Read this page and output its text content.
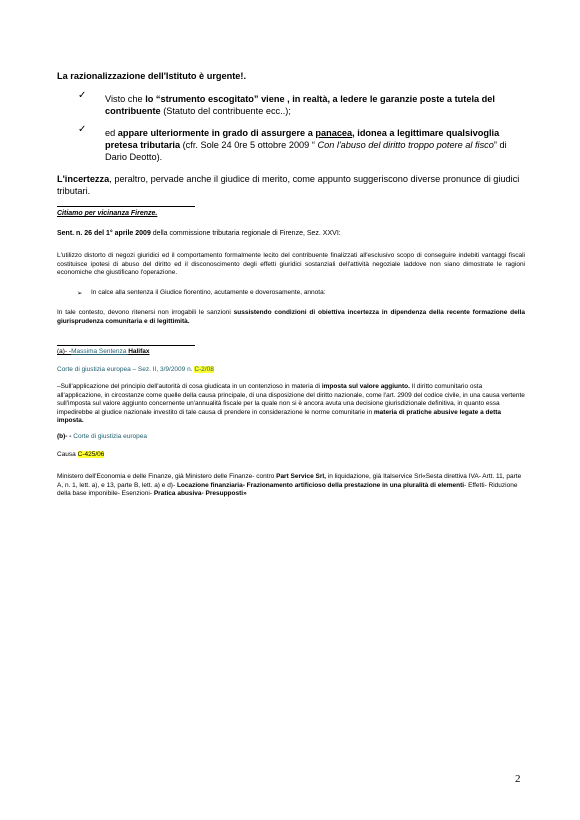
La razionalizzazione dell'Istituto è urgente!.
✓ Visto che lo “strumento escogitato” viene , in realtà, a ledere le garanzie poste a tutela del contribuente (Statuto del contribuente ecc..);
✓ ed appare ulteriormente in grado di assurgere a panacea, idonea a legittimare qualsivoglia pretesa tributaria (cfr. Sole 24 0re 5 ottobre 2009 “ Con l'abuso del diritto troppo potere al fisco” di Dario Deotto).
L'incertezza, peraltro, pervade anche il giudice di merito, come appunto suggeriscono diverse pronunce di giudici tributari.
Citiamo per vicinanza Firenze.
Sent. n. 26 del 1° aprile 2009 della commissione tributaria regionale di Firenze, Sez. XXVI:
L'utilizzo distorto di negozi giuridici ed il comportamento formalmente lecito del contribuente finalizzati all'esclusivo scopo di conseguire indebiti vantaggi fiscali costituisce ipotesi di abuso del diritto ed il disconoscimento degli effetti giuridici sostanziali dell'attività negoziale laddove non siano dimostrate le ragioni economiche che giustificano l'operazione.
➢ In calce alla sentenza il Giudice fiorentino, acutamente e doverosamente, annota:
In tale contesto, devono ritenersi non irrogabili le sanzioni sussistendo condizioni di obiettiva incertezza in dipendenza della recente formazione della giurisprudenza comunitaria e di legittimità.
(a)- -Massima Sentenza Halifax
Corte di giustizia europea – Sez. II, 3/9/2009 n. C-2/08
–Sull'applicazione del principio dell'autorità di cosa giudicata in un contenzioso in materia di imposta sul valore aggiunto. Il diritto comunitario osta all'applicazione, in circostanze come quelle della causa principale, di una disposizione del diritto nazionale, come l'art. 2909 del codice civile, in una causa vertente sull'imposta sul valore aggiunto concernente un'annualità fiscale per la quale non si è ancora avuta una decisione giurisdizionale definitiva, in quanto essa impedirebbe al giudice nazionale investito di tale causa di prendere in considerazione le norme comunitarie in materia di pratiche abusive legate a detta imposta.
(b)- - Corte di giustizia europea
Causa C-425/06
Ministero dell'Economia e delle Finanze, già Ministero delle Finanze- contro Part Service Srl, in liquidazione, già Italservice Srl«Sesta direttiva IVA- Artt. 11, parte A, n. 1, lett. a), e 13, parte B, lett. a) e d)- Locazione finanziaria- Frazionamento artificioso della prestazione in una pluralità di elementi- Effetti- Riduzione della base imponibile- Esenzioni- Pratica abusiva- Presupposti»
2
